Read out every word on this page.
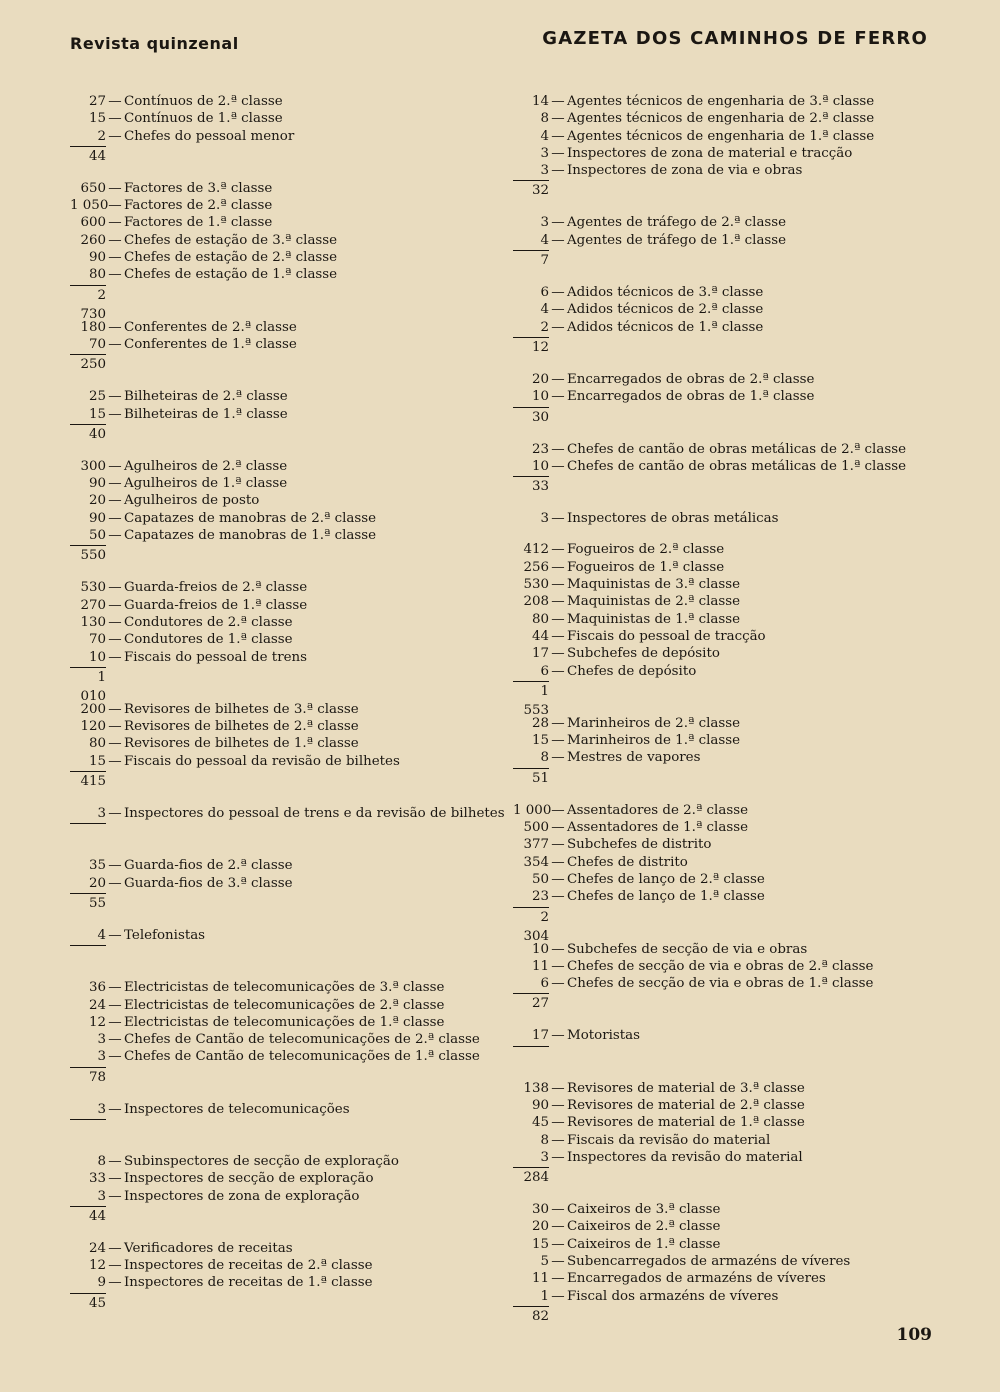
Revista quinzenal	GAZETA DOS CAMINHOS DE FERRO
27 — Contínuos de 2.ª classe
15 — Contínuos de 1.ª classe
2 — Chefes do pessoal menor
44
650 — Factores de 3.ª classe
1 050 — Factores de 2.ª classe
600 — Factores de 1.ª classe
260 — Chefes de estação de 3.ª classe
90 — Chefes de estação de 2.ª classe
80 — Chefes de estação de 1.ª classe
2 730
180 — Conferentes de 2.ª classe
70 — Conferentes de 1.ª classe
250
25 — Bilheteiras de 2.ª classe
15 — Bilheteiras de 1.ª classe
40
300 — Agulheiros de 2.ª classe
90 — Agulheiros de 1.ª classe
20 — Agulheiros de posto
90 — Capatazes de manobras de 2.ª classe
50 — Capatazes de manobras de 1.ª classe
550
530 — Guarda-freios de 2.ª classe
270 — Guarda-freios de 1.ª classe
130 — Condutores de 2.ª classe
70 — Condutores de 1.ª classe
10 — Fiscais do pessoal de trens
1 010
200 — Revisores de bilhetes de 3.ª classe
120 — Revisores de bilhetes de 2.ª classe
80 — Revisores de bilhetes de 1.ª classe
15 — Fiscais do pessoal da revisão de bilhetes
415
3 — Inspectores do pessoal de trens e da revisão de bilhetes
35 — Guarda-fios de 2.ª classe
20 — Guarda-fios de 3.ª classe
55
4 — Telefonistas
36 — Electricistas de telecomunicações de 3.ª classe
24 — Electricistas de telecomunicações de 2.ª classe
12 — Electricistas de telecomunicações de 1.ª classe
3 — Chefes de Cantão de telecomunicações de 2.ª classe
3 — Chefes de Cantão de telecomunicações de 1.ª classe
78
3 — Inspectores de telecomunicações
8 — Subinspectores de secção de exploração
33 — Inspectores de secção de exploração
3 — Inspectores de zona de exploração
44
24 — Verificadores de receitas
12 — Inspectores de receitas de 2.ª classe
9 — Inspectores de receitas de 1.ª classe
45
14 — Agentes técnicos de engenharia de 3.ª classe
8 — Agentes técnicos de engenharia de 2.ª classe
4 — Agentes técnicos de engenharia de 1.ª classe
3 — Inspectores de zona de material e tracção
3 — Inspectores de zona de via e obras
32
3 — Agentes de tráfego de 2.ª classe
4 — Agentes de tráfego de 1.ª classe
7
6 — Adidos técnicos de 3.ª classe
4 — Adidos técnicos de 2.ª classe
2 — Adidos técnicos de 1.ª classe
12
20 — Encarregados de obras de 2.ª classe
10 — Encarregados de obras de 1.ª classe
30
23 — Chefes de cantão de obras metálicas de 2.ª classe
10 — Chefes de cantão de obras metálicas de 1.ª classe
33
3 — Inspectores de obras metálicas
412 — Fogueiros de 2.ª classe
256 — Fogueiros de 1.ª classe
530 — Maquinistas de 3.ª classe
208 — Maquinistas de 2.ª classe
80 — Maquinistas de 1.ª classe
44 — Fiscais do pessoal de tracção
17 — Subchefes de depósito
6 — Chefes de depósito
1 553
28 — Marinheiros de 2.ª classe
15 — Marinheiros de 1.ª classe
8 — Mestres de vapores
51
1 000 — Assentadores de 2.ª classe
500 — Assentadores de 1.ª classe
377 — Subchefes de distrito
354 — Chefes de distrito
50 — Chefes de lanço de 2.ª classe
23 — Chefes de lanço de 1.ª classe
2 304
10 — Subchefes de secção de via e obras
11 — Chefes de secção de via e obras de 2.ª classe
6 — Chefes de secção de via e obras de 1.ª classe
27
17 — Motoristas
138 — Revisores de material de 3.ª classe
90 — Revisores de material de 2.ª classe
45 — Revisores de material de 1.ª classe
8 — Fiscais da revisão do material
3 — Inspectores da revisão do material
284
30 — Caixeiros de 3.ª classe
20 — Caixeiros de 2.ª classe
15 — Caixeiros de 1.ª classe
5 — Subencarregados de armazéns de víveres
11 — Encarregados de armazéns de víveres
1 — Fiscal dos armazéns de víveres
82
109
